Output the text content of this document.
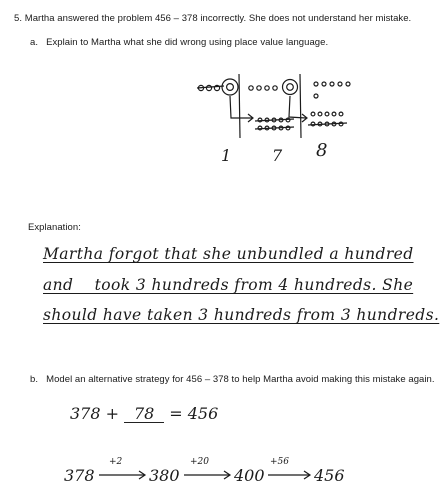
5. Martha answered the problem 456 – 378 incorrectly. She does not understand her mistake.
a. Explain to Martha what she did wrong using place value language.
1	7 8
Explanation:
Martha forgot that she unbundled a hundred
and    took 3 hundreds from 4 hundreds. She
should have taken 3 hundreds from 3 hundreds.
b. Model an alternative strategy for 456 – 378 to help Martha avoid making this mistake again.
378 + 78 = 456
378	380	400	456
+2	+20	+56
